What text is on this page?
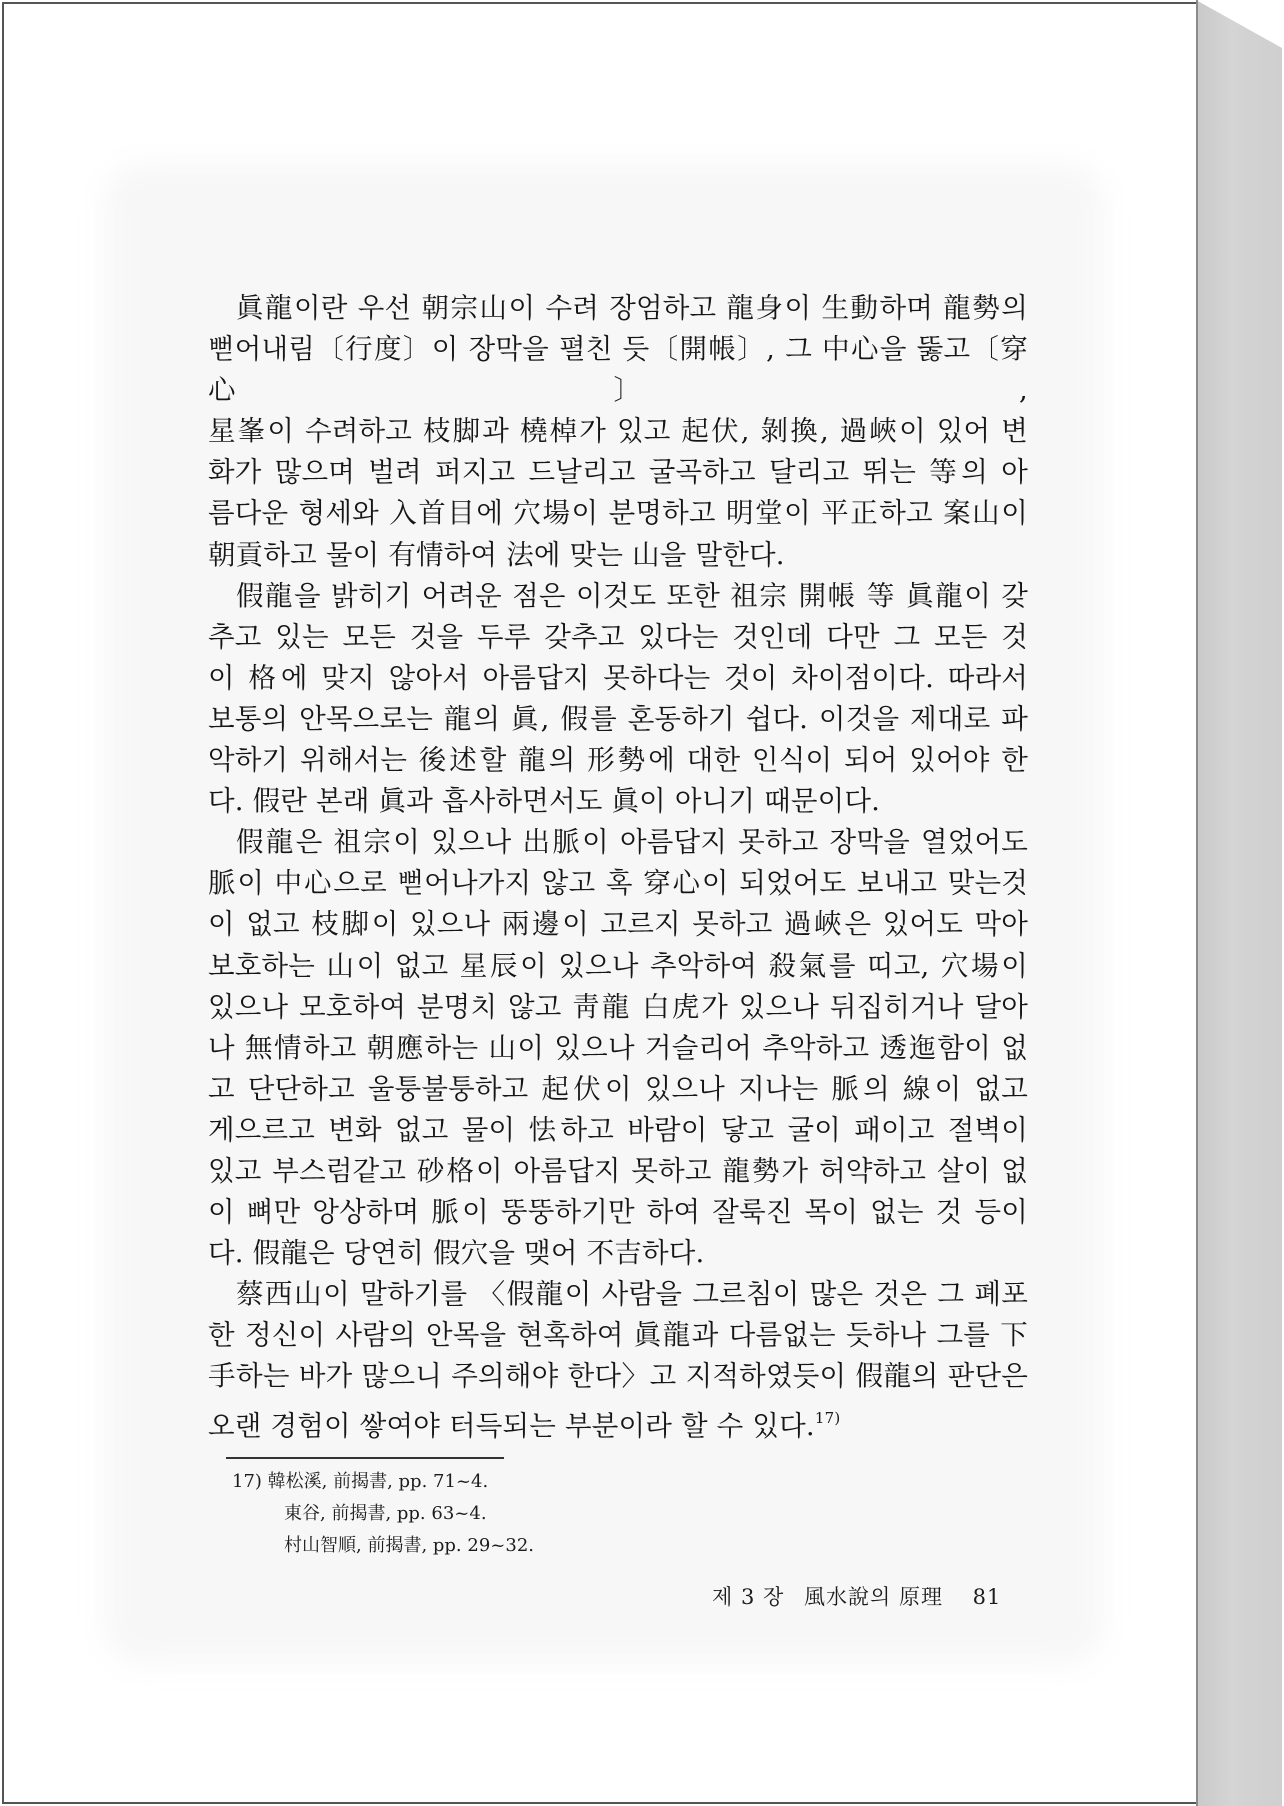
眞龍이란 우선 朝宗山이 수려 장엄하고 龍身이 生動하며 龍勢의

뻗어내림〔行度〕이 장막을 펼친 듯〔開帳〕, 그 中心을 뚫고〔穿心〕,

星峯이 수려하고 枝脚과 橈棹가 있고 起伏, 剝換, 過峽이 있어 변

화가 많으며 벌려 퍼지고 드날리고 굴곡하고 달리고 뛰는 等의 아

름다운 형세와 入首目에 穴場이 분명하고 明堂이 平正하고 案山이

朝貢하고 물이 有情하여 法에 맞는 山을 말한다.

假龍을 밝히기 어려운 점은 이것도 또한 祖宗 開帳 等 眞龍이 갖

추고 있는 모든 것을 두루 갖추고 있다는 것인데 다만 그 모든 것

이 格에 맞지 않아서 아름답지 못하다는 것이 차이점이다. 따라서

보통의 안목으로는 龍의 眞, 假를 혼동하기 쉽다. 이것을 제대로 파

악하기 위해서는 後述할 龍의 形勢에 대한 인식이 되어 있어야 한

다. 假란 본래 眞과 흡사하면서도 眞이 아니기 때문이다.

假龍은 祖宗이 있으나 出脈이 아름답지 못하고 장막을 열었어도

脈이 中心으로 뻗어나가지 않고 혹 穿心이 되었어도 보내고 맞는것

이 없고 枝脚이 있으나 兩邊이 고르지 못하고 過峽은 있어도 막아

보호하는 山이 없고 星辰이 있으나 추악하여 殺氣를 띠고, 穴場이

있으나 모호하여 분명치 않고 靑龍 白虎가 있으나 뒤집히거나 달아

나 無情하고 朝應하는 山이 있으나 거슬리어 추악하고 透迤함이 없

고 단단하고 울퉁불퉁하고 起伏이 있으나 지나는 脈의 線이 없고

게으르고 변화 없고 물이 怯하고 바람이 닿고 굴이 패이고 절벽이

있고 부스럼같고 砂格이 아름답지 못하고 龍勢가 허약하고 살이 없

이 뼈만 앙상하며 脈이 뚱뚱하기만 하여 잘룩진 목이 없는 것 등이

다. 假龍은 당연히 假穴을 맺어 不吉하다.

蔡西山이 말하기를 〈假龍이 사람을 그르침이 많은 것은 그 폐포

한 정신이 사람의 안목을 현혹하여 眞龍과 다름없는 듯하나 그를 下

手하는 바가 많으니 주의해야 한다〉고 지적하였듯이 假龍의 판단은

오랜 경험이 쌓여야 터득되는 부분이라 할 수 있다.$^{17)}$

17) 韓松溪, 前揭書, pp. 71~4.
東谷, 前揭書, pp. 63~4.
村山智順, 前揭書, pp. 29~32.
제 3 장 風水說의 原理 81
